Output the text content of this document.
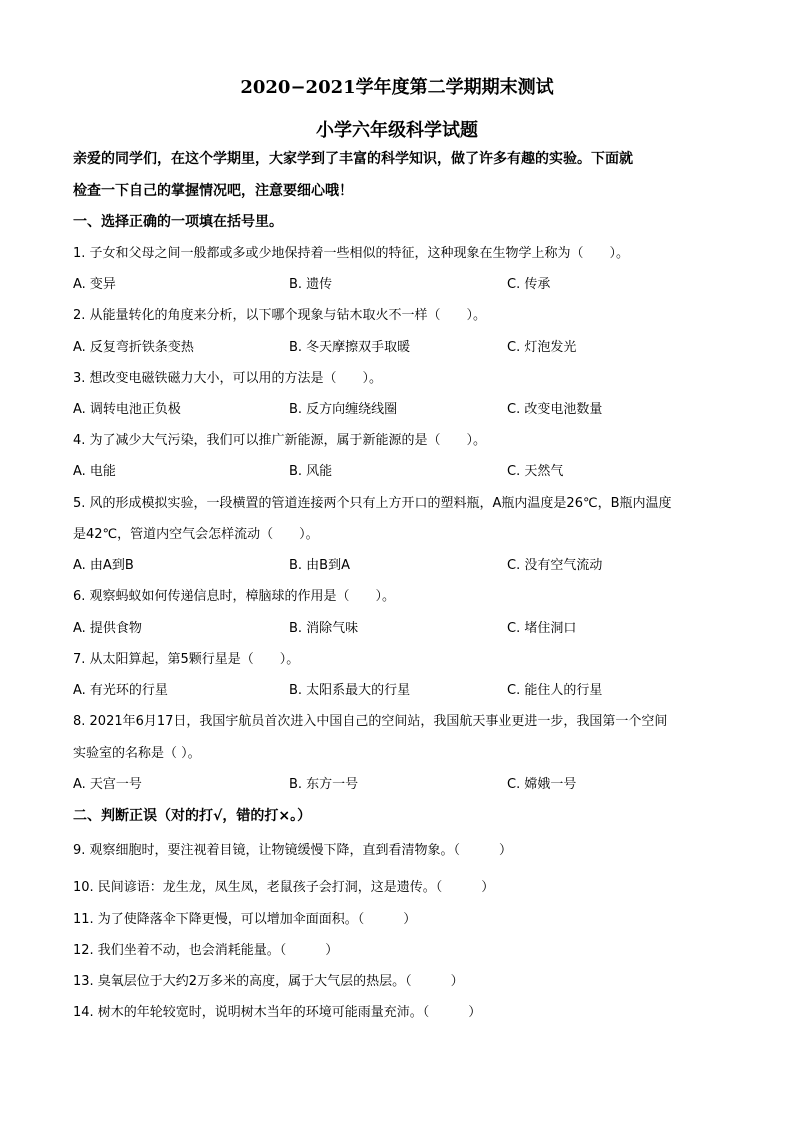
2020−2021学年度第二学期期末测试
小学六年级科学试题
亲爱的同学们，在这个学期里，大家学到了丰富的科学知识，做了许多有趣的实验。下面就
检查一下自己的掌握情况吧，注意要细心哦！
一、选择正确的一项填在括号里。
1. 子女和父母之间一般都或多或少地保持着一些相似的特征，这种现象在生物学上称为（　　）。
A. 变异	B. 遗传	C. 传承
2. 从能量转化的角度来分析，以下哪个现象与钻木取火不一样（　　）。
A. 反复弯折铁条变热	B. 冬天摩擦双手取暖	C. 灯泡发光
3. 想改变电磁铁磁力大小，可以用的方法是（　　）。
A. 调转电池正负极	B. 反方向缠绕线圈	C. 改变电池数量
4. 为了减少大气污染，我们可以推广新能源，属于新能源的是（　　）。
A. 电能	B. 风能	C. 天然气
5. 风的形成模拟实验，一段横置的管道连接两个只有上方开口的塑料瓶，A瓶内温度是26℃，B瓶内温度
是42℃，管道内空气会怎样流动（　　）。
A. 由A到B	B. 由B到A	C. 没有空气流动
6. 观察蚂蚁如何传递信息时，樟脑球的作用是（　　）。
A. 提供食物	B. 消除气味	C. 堵住洞口
7. 从太阳算起，第5颗行星是（　　）。
A. 有光环的行星	B. 太阳系最大的行星	C. 能住人的行星
8. 2021年6月17日，我国宇航员首次进入中国自己的空间站，我国航天事业更进一步，我国第一个空间
实验室的名称是（ ）。
A. 天宫一号	B. 东方一号	C. 嫦娥一号
二、判断正误（对的打√，错的打×。）
9. 观察细胞时，要注视着目镜，让物镜缓慢下降，直到看清物象。（　　　）
10. 民间谚语：龙生龙，凤生凤，老鼠孩子会打洞，这是遗传。（　　　）
11. 为了使降落伞下降更慢，可以增加伞面面积。（　　　）
12. 我们坐着不动，也会消耗能量。（　　　）
13. 臭氧层位于大约2万多米的高度，属于大气层的热层。（　　　）
14. 树木的年轮较宽时，说明树木当年的环境可能雨量充沛。（　　　）
